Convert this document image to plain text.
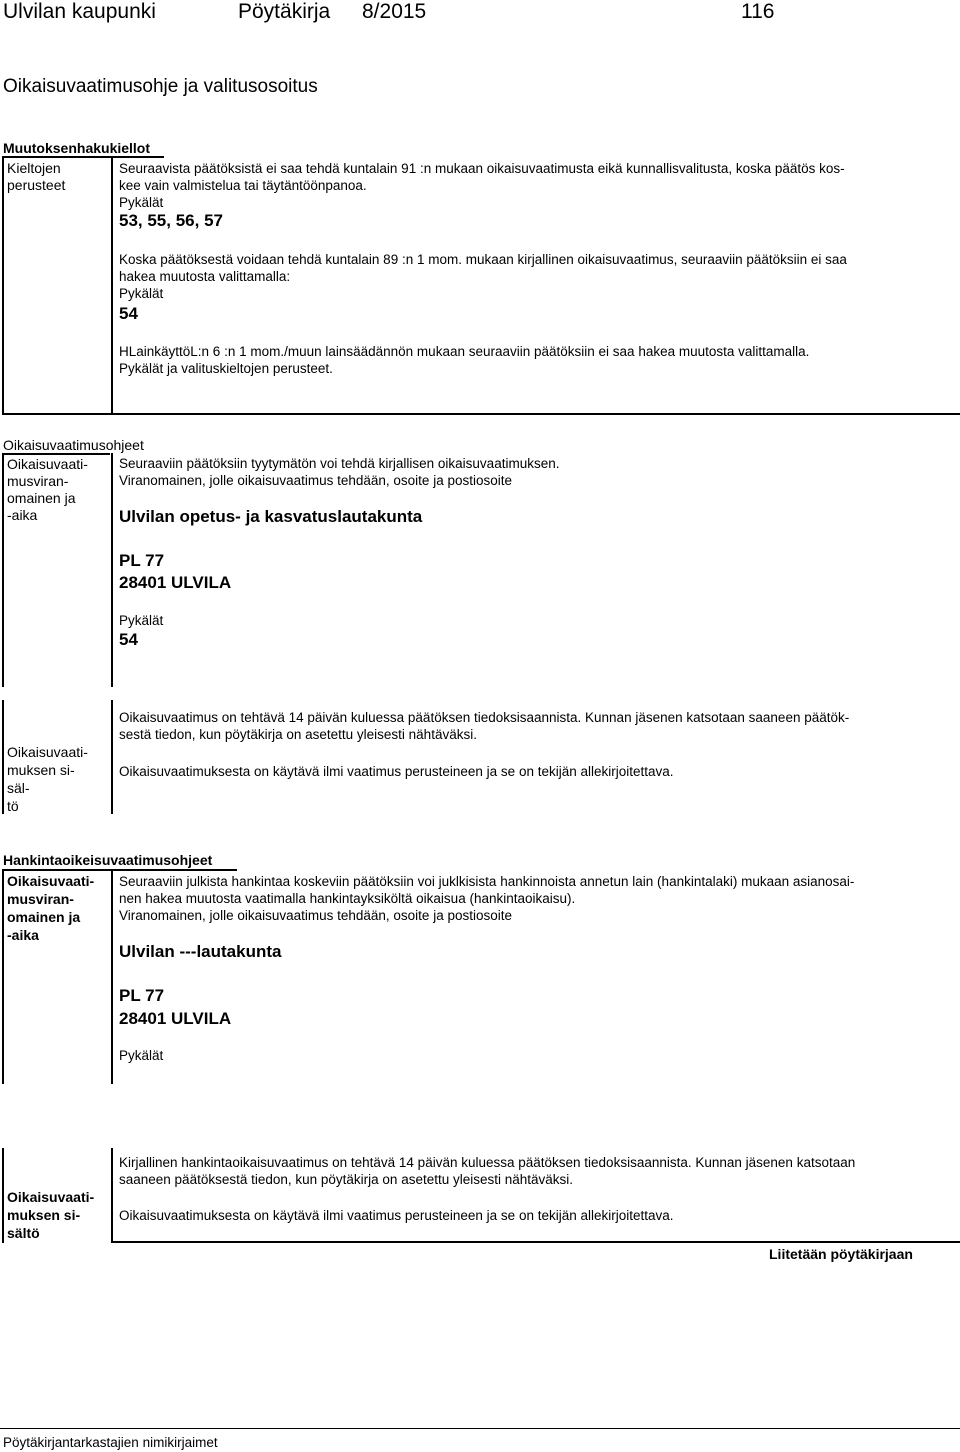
Ulvilan kaupunki	Pöytäkirja 8/2015	116
Oikaisuvaatimusohje ja valitusosoitus
Muutoksenhakukiellot
Kieltojen
perusteet
Seuraavista päätöksistä ei saa tehdä kuntalain 91 :n mukaan oikaisuvaatimusta eikä kunnallisvalitusta, koska päätös kos-
kee vain valmistelua tai täytäntöönpanoa.
Pykälät
53, 55, 56, 57
Koska päätöksestä voidaan tehdä kuntalain 89 :n 1 mom. mukaan kirjallinen oikaisuvaatimus, seuraaviin päätöksiin ei saa
hakea muutosta valittamalla:
Pykälät
54
HLainkäyttöL:n 6 :n 1 mom./muun lainsäädännön mukaan seuraaviin päätöksiin ei saa hakea muutosta valittamalla.
Pykälät ja valituskieltojen perusteet.
Oikaisuvaatimusohjeet
Oikaisuvaati-
musviran-
omainen ja
-aika
Seuraaviin päätöksiin tyytymätön voi tehdä kirjallisen oikaisuvaatimuksen.
Viranomainen, jolle oikaisuvaatimus tehdään, osoite ja postiosoite
Ulvilan opetus- ja kasvatuslautakunta
PL 77
28401 ULVILA
Pykälät
54
Oikaisuvaati-
muksen si-
säl-
tö
Oikaisuvaatimus on tehtävä 14 päivän kuluessa päätöksen tiedoksisaannista. Kunnan jäsenen katsotaan saaneen päätök-
sestä tiedon, kun pöytäkirja on asetettu yleisesti nähtäväksi.
Oikaisuvaatimuksesta on käytävä ilmi vaatimus perusteineen ja se on tekijän allekirjoitettava.
Hankintaoikeisuvaatimusohjeet
Oikaisuvaati-
musviran-
omainen ja
-aika
Seuraaviin julkista hankintaa koskeviin päätöksiin voi juklkisista hankinnoista annetun lain (hankintalaki) mukaan asianosai-
nen hakea muutosta vaatimalla hankintayksiköltä oikaisua (hankintaoikaisu).
Viranomainen, jolle oikaisuvaatimus tehdään, osoite ja postiosoite
Ulvilan ---lautakunta
PL 77
28401 ULVILA
Pykälät
Oikaisuvaati-
muksen si-
sältö
Kirjallinen hankintaoikaisuvaatimus on tehtävä 14 päivän kuluessa päätöksen tiedoksisaannista. Kunnan jäsenen katsotaan
saaneen päätöksestä tiedon, kun pöytäkirja on asetettu yleisesti nähtäväksi.
Oikaisuvaatimuksesta on käytävä ilmi vaatimus perusteineen ja se on tekijän allekirjoitettava.
Liitetään pöytäkirjaan
Pöytäkirjantarkastajien nimikirjaimet
